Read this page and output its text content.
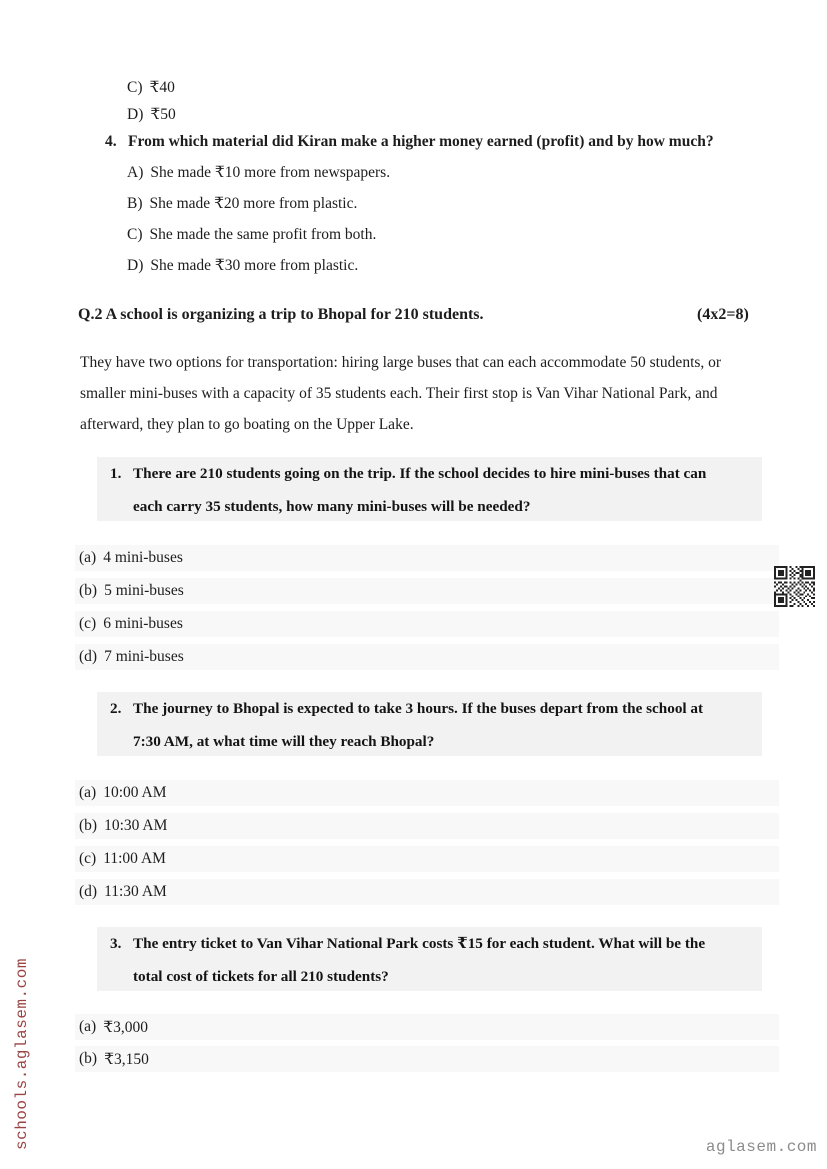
C) ₹40
D) ₹50
4. From which material did Kiran make a higher money earned (profit) and by how much?
A) She made ₹10 more from newspapers.
B) She made ₹20 more from plastic.
C) She made the same profit from both.
D) She made ₹30 more from plastic.
Q.2 A school is organizing a trip to Bhopal for 210 students.	(4x2=8)
They have two options for transportation: hiring large buses that can each accommodate 50 students, or
smaller mini-buses with a capacity of 35 students each. Their first stop is Van Vihar National Park, and
afterward, they plan to go boating on the Upper Lake.
1. There are 210 students going on the trip. If the school decides to hire mini-buses that can
each carry 35 students, how many mini-buses will be needed?
(a) 4 mini-buses
(b) 5 mini-buses
(c) 6 mini-buses
(d) 7 mini-buses
2. The journey to Bhopal is expected to take 3 hours. If the buses depart from the school at
7:30 AM, at what time will they reach Bhopal?
(a) 10:00 AM
(b) 10:30 AM
(c) 11:00 AM
(d) 11:30 AM
3. The entry ticket to Van Vihar National Park costs ₹15 for each student. What will be the
total cost of tickets for all 210 students?
(a) ₹3,000
(b) ₹3,150
schools.aglasem.com	aglasem.com
